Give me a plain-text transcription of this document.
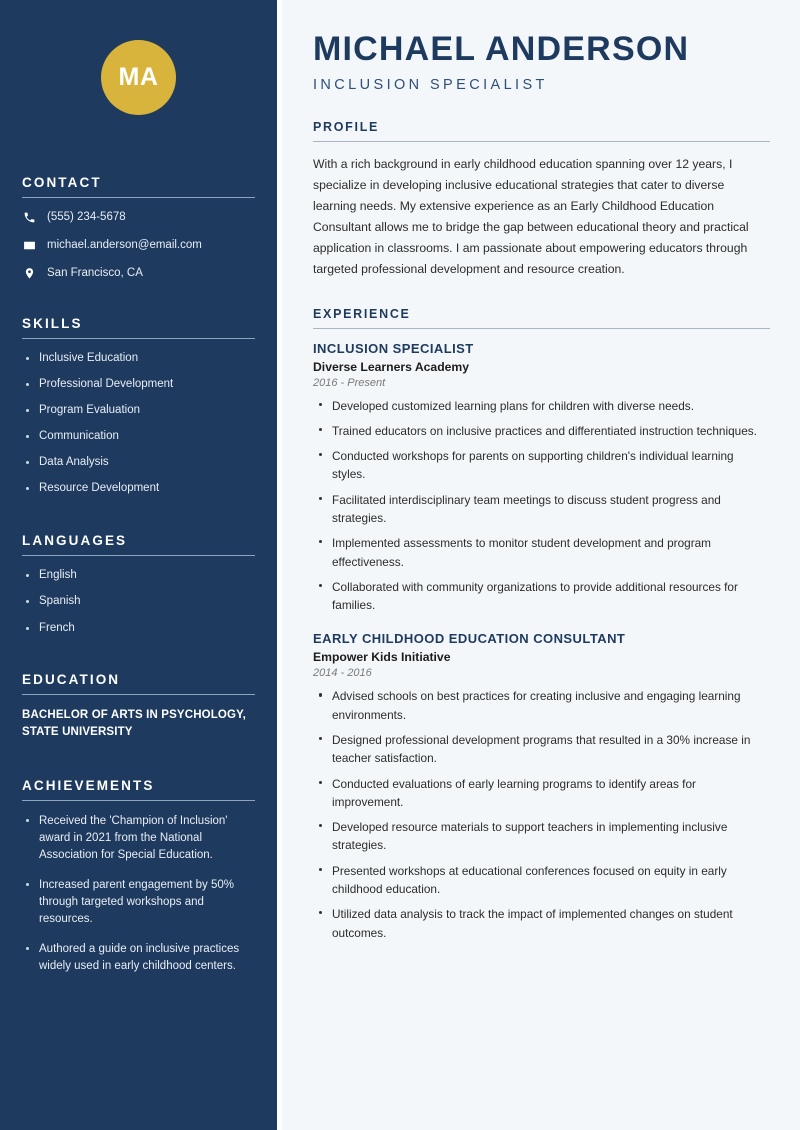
MA
CONTACT
(555) 234-5678
michael.anderson@email.com
San Francisco, CA
SKILLS
Inclusive Education
Professional Development
Program Evaluation
Communication
Data Analysis
Resource Development
LANGUAGES
English
Spanish
French
EDUCATION
BACHELOR OF ARTS IN PSYCHOLOGY, STATE UNIVERSITY
ACHIEVEMENTS
Received the 'Champion of Inclusion' award in 2021 from the National Association for Special Education.
Increased parent engagement by 50% through targeted workshops and resources.
Authored a guide on inclusive practices widely used in early childhood centers.
MICHAEL ANDERSON
INCLUSION SPECIALIST
PROFILE

With a rich background in early childhood education spanning over 12 years, I specialize in developing inclusive educational strategies that cater to diverse learning needs. My extensive experience as an Early Childhood Education Consultant allows me to bridge the gap between educational theory and practical application in classrooms. I am passionate about empowering educators through targeted professional development and resource creation.

EXPERIENCE
INCLUSION SPECIALIST
Diverse Learners Academy
2016 - Present
Developed customized learning plans for children with diverse needs.
Trained educators on inclusive practices and differentiated instruction techniques.
Conducted workshops for parents on supporting children's individual learning styles.
Facilitated interdisciplinary team meetings to discuss student progress and strategies.
Implemented assessments to monitor student development and program effectiveness.
Collaborated with community organizations to provide additional resources for families.
EARLY CHILDHOOD EDUCATION CONSULTANT
Empower Kids Initiative
2014 - 2016
Advised schools on best practices for creating inclusive and engaging learning environments.
Designed professional development programs that resulted in a 30% increase in teacher satisfaction.
Conducted evaluations of early learning programs to identify areas for improvement.
Developed resource materials to support teachers in implementing inclusive strategies.
Presented workshops at educational conferences focused on equity in early childhood education.
Utilized data analysis to track the impact of implemented changes on student outcomes.
